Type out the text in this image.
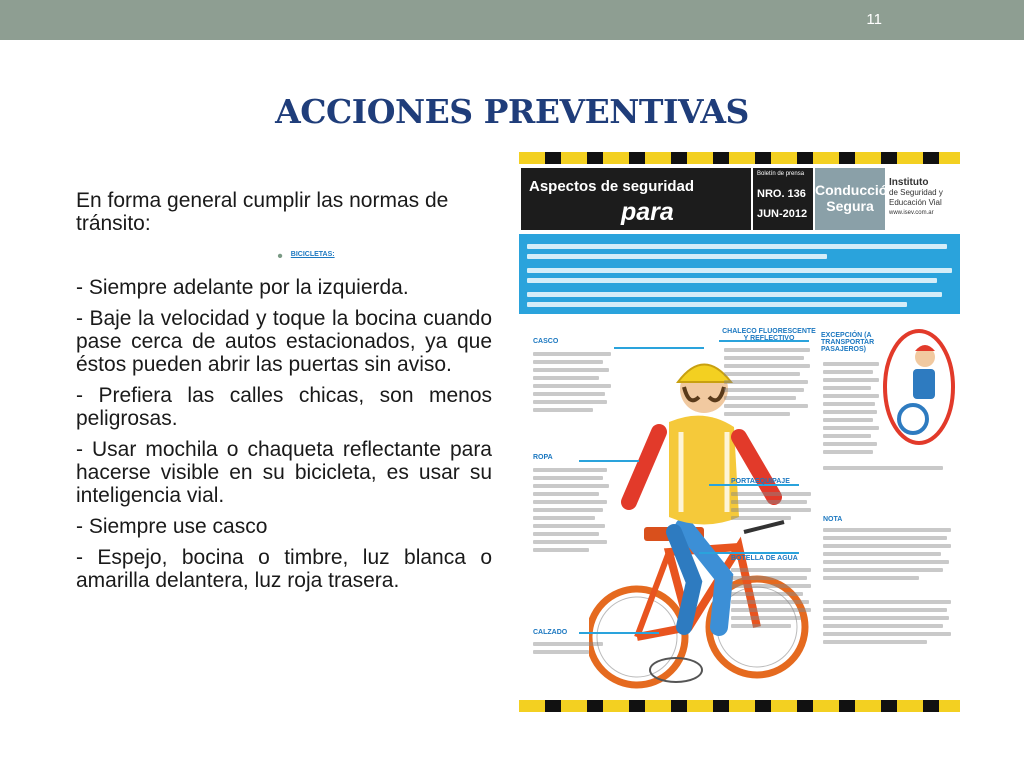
11
ACCIONES PREVENTIVAS

En forma general cumplir las normas de tránsito:

• BICICLETAS:

- Siempre adelante por la izquierda.

- Baje la velocidad y toque la bocina cuando pase cerca de autos estacionados, ya que éstos pueden abrir las puertas sin aviso.

- Prefiera las calles chicas, son menos peligrosas.

- Usar mochila o chaqueta reflectante para hacerse visible en su bicicleta, es usar su inteligencia vial.

- Siempre use casco

- Espejo, bocina o timbre, luz blanca o amarilla delantera, luz roja trasera.

Aspectos de seguridad
para
Boletín de prensa
NRO. 136
JUN-2012
Conducción Segura
Instituto
de Seguridad y Educación Vial
www.isev.com.ar
CASCO
CHALECO FLUORESCENTE Y REFLECTIVO	EXCEPCIÓN (A TRANSPORTAR PASAJEROS)
ROPA
PORTAEQUIPAJE
NOTA
BOTELLA DE AGUA
CALZADO
